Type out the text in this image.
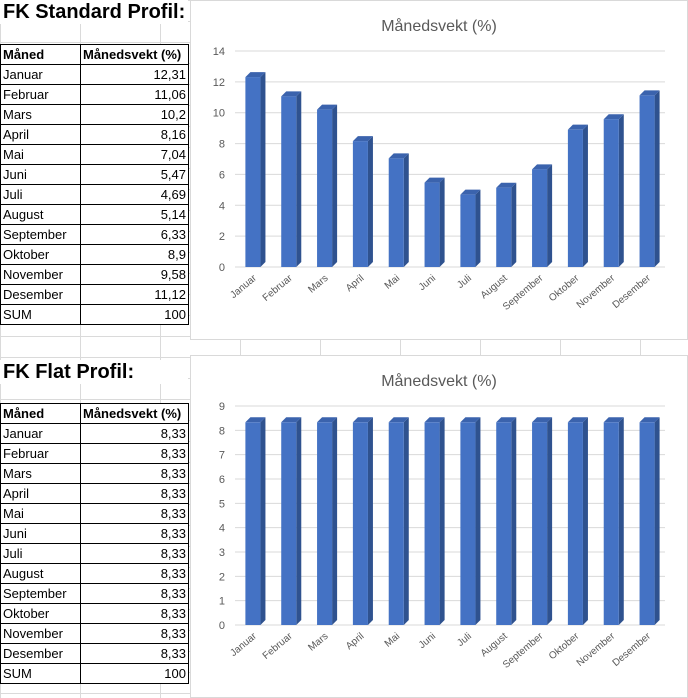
FK Standard Profil:
Måned	Månedsvekt (%)
Januar	12,31
Februar	11,06
Mars	10,2
April	8,16
Mai	7,04
Juni	5,47
Juli	4,69
August	5,14
September	6,33
Oktober	8,9
November	9,58
Desember	11,12
SUM	100
FK Flat Profil:
Måned	Månedsvekt (%)
Januar	8,33
Februar	8,33
Mars	8,33
April	8,33
Mai	8,33
Juni	8,33
Juli	8,33
August	8,33
September	8,33
Oktober	8,33
November	8,33
Desember	8,33
SUM	100
Månedsvekt (%)
0
2
4
6
8
10
12
14
Januar Februar Mars April Mai Juni Juli August
September Oktober
November
Desember
Månedsvekt (%)
0
1
2
3
4
5
6
7
8
9
Januar Februar Mars April Mai Juni Juli August
September Oktober
November
Desember
